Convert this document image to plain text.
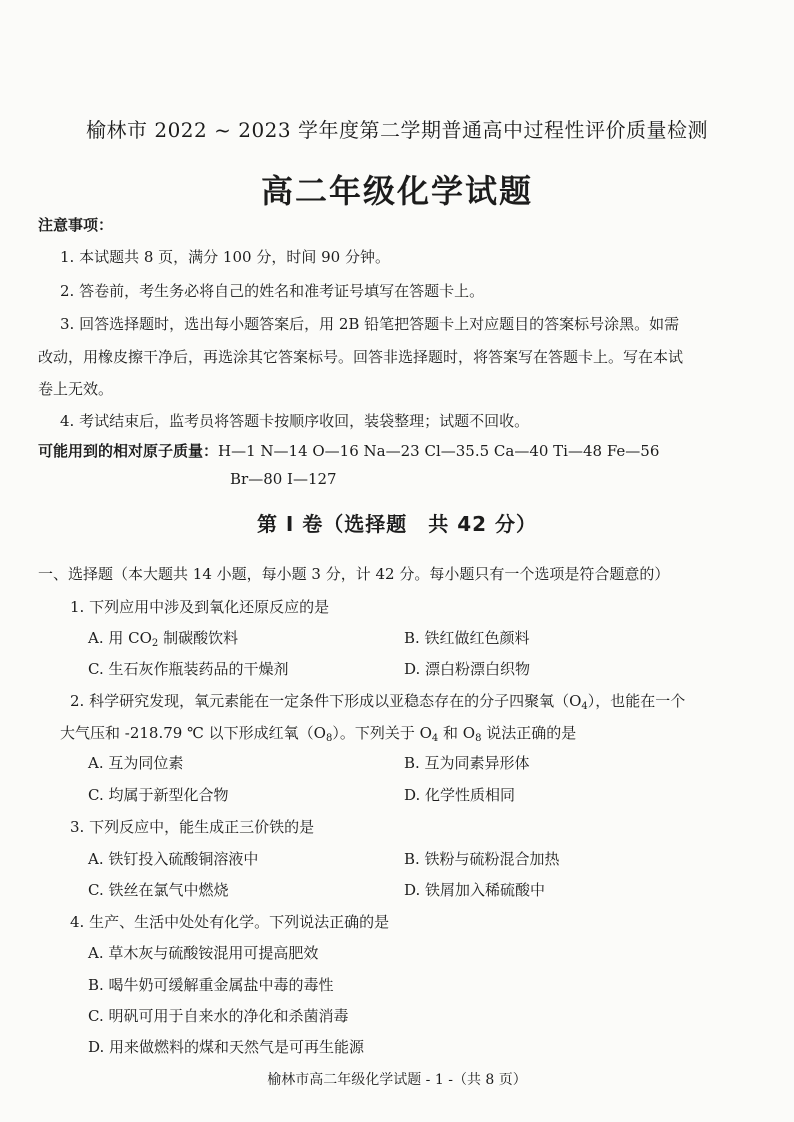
榆林市 2022 ~ 2023 学年度第二学期普通高中过程性评价质量检测
高二年级化学试题
注意事项：
1. 本试题共 8 页，满分 100 分，时间 90 分钟。
2. 答卷前，考生务必将自己的姓名和准考证号填写在答题卡上。
3. 回答选择题时，选出每小题答案后，用 2B 铅笔把答题卡上对应题目的答案标号涂黑。如需
改动，用橡皮擦干净后，再选涂其它答案标号。回答非选择题时，将答案写在答题卡上。写在本试
卷上无效。
4. 考试结束后，监考员将答题卡按顺序收回，装袋整理；试题不回收。
可能用到的相对原子质量：H—1 N—14 O—16 Na—23 Cl—35.5 Ca—40 Ti—48 Fe—56
Br—80 I—127
第 Ⅰ 卷（选择题　共 42 分）
一、选择题（本大题共 14 小题，每小题 3 分，计 42 分。每小题只有一个选项是符合题意的）
1. 下列应用中涉及到氧化还原反应的是
A. 用 $CO_2$ 制碳酸饮料	B. 铁红做红色颜料
C. 生石灰作瓶装药品的干燥剂	D. 漂白粉漂白织物
2. 科学研究发现，氧元素能在一定条件下形成以亚稳态存在的分子四聚氧$(O_4)$，也能在一个
大气压和 -218.79 ℃ 以下形成红氧$(O_8)$。下列关于 $O_4$ 和 $O_8$ 说法正确的是
A. 互为同位素	B. 互为同素异形体
C. 均属于新型化合物	D. 化学性质相同
3. 下列反应中，能生成正三价铁的是
A. 铁钉投入硫酸铜溶液中	B. 铁粉与硫粉混合加热
C. 铁丝在氯气中燃烧	D. 铁屑加入稀硫酸中
4. 生产、生活中处处有化学。下列说法正确的是
A. 草木灰与硫酸铵混用可提高肥效
B. 喝牛奶可缓解重金属盐中毒的毒性
C. 明矾可用于自来水的净化和杀菌消毒
D. 用来做燃料的煤和天然气是可再生能源
榆林市高二年级化学试题 - 1 -（共 8 页）
